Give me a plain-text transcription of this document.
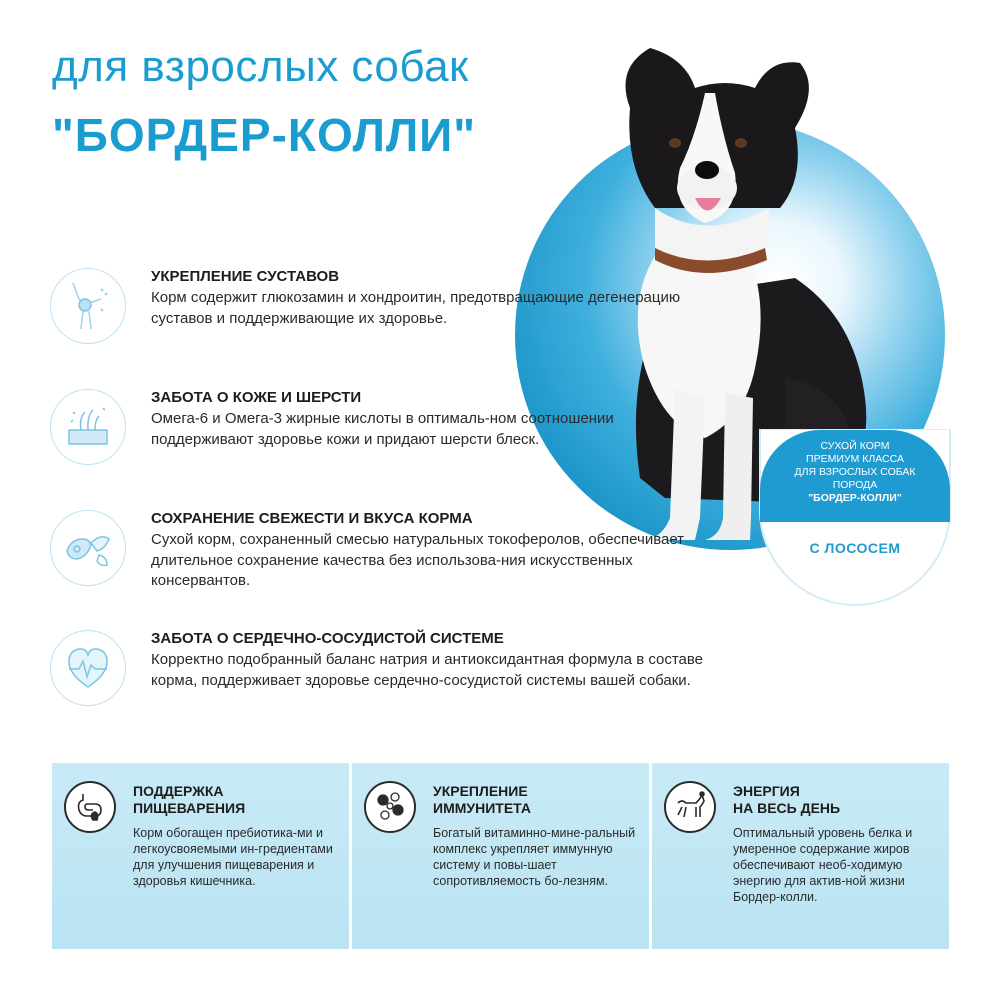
для взрослых собак
"БОРДЕР-КОЛЛИ"
СУХОЙ КОРМ
ПРЕМИУМ КЛАССА
ДЛЯ ВЗРОСЛЫХ СОБАК
ПОРОДА
"БОРДЕР-КОЛЛИ"
С ЛОСОСЕМ
УКРЕПЛЕНИЕ СУСТАВОВ
Корм содержит глюкозамин и хондроитин, предотвращающие дегенерацию суставов и поддерживающие их здоровье.
ЗАБОТА О КОЖЕ И ШЕРСТИ
Омега-6 и Омега-3 жирные кислоты в оптималь-ном соотношении поддерживают здоровье кожи и придают шерсти блеск.
СОХРАНЕНИЕ СВЕЖЕСТИ И ВКУСА КОРМА
Сухой корм, сохраненный смесью натуральных токоферолов, обеспечивает длительное сохранение качества без использова-ния искусственных консервантов.
ЗАБОТА О СЕРДЕЧНО-СОСУДИСТОЙ СИСТЕМЕ
Корректно подобранный баланс натрия и антиоксидантная формула в составе корма, поддерживает здоровье сердечно-сосудистой системы вашей собаки.
ПОДДЕРЖКА
ПИЩЕВАРЕНИЯ
Корм обогащен пребиотика-ми и легкоусвояемыми ин-гредиентами для улучшения пищеварения и здоровья кишечника.
УКРЕПЛЕНИЕ
ИММУНИТЕТА
Богатый витаминно-мине-ральный комплекс укрепляет иммунную систему и повы-шает сопротивляемость бо-лезням.
ЭНЕРГИЯ
НА ВЕСЬ ДЕНЬ
Оптимальный уровень белка и умеренное содержание жиров обеспечивают необ-ходимую энергию для актив-ной жизни Бордер-колли.
